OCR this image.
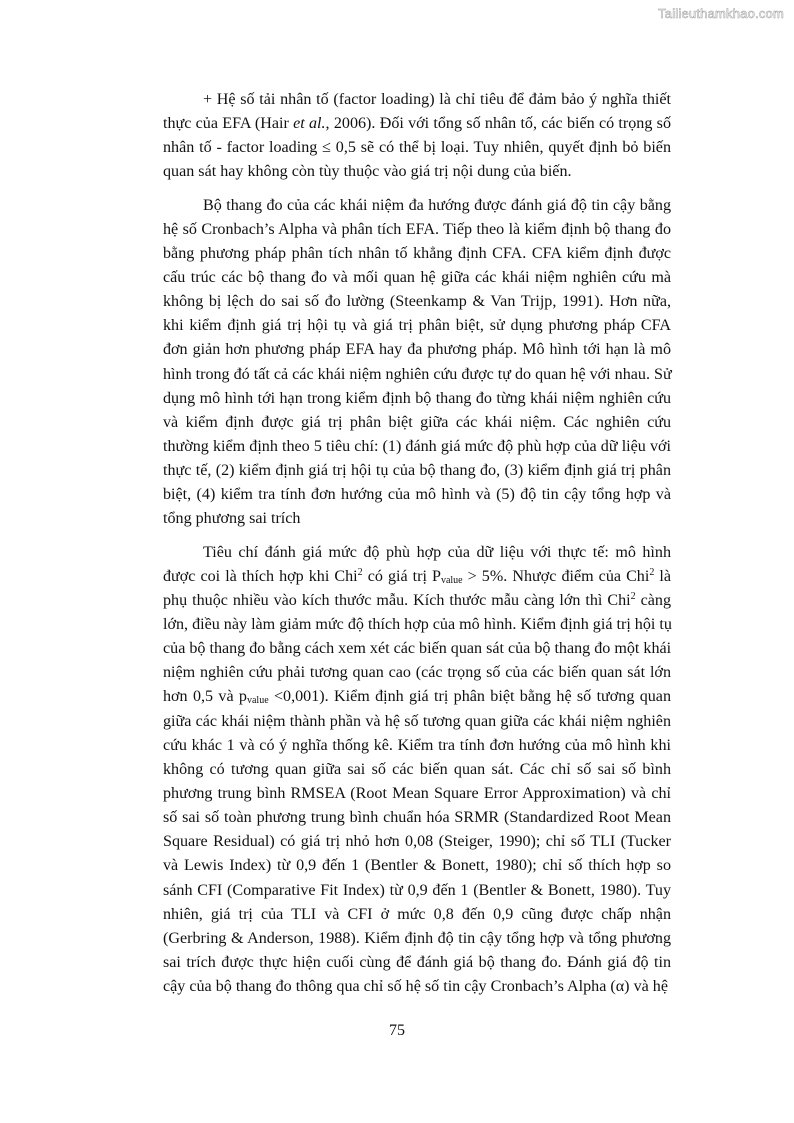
Tailieuthamkhao.com
+ Hệ số tải nhân tố (factor loading) là chỉ tiêu để đảm bảo ý nghĩa thiết
thực của EFA (Hair et al., 2006). Đối với tổng số nhân tố, các biến có trọng số
nhân tố - factor loading ≤ 0,5 sẽ có thể bị loại. Tuy nhiên, quyết định bỏ biến
quan sát hay không còn tùy thuộc vào giá trị nội dung của biến.
Bộ thang đo của các khái niệm đa hướng được đánh giá độ tin cậy bằng
hệ số Cronbach’s Alpha và phân tích EFA. Tiếp theo là kiểm định bộ thang đo
bằng phương pháp phân tích nhân tố khẳng định CFA. CFA kiểm định được
cấu trúc các bộ thang đo và mối quan hệ giữa các khái niệm nghiên cứu mà
không bị lệch do sai số đo lường (Steenkamp & Van Trijp, 1991). Hơn nữa,
khi kiểm định giá trị hội tụ và giá trị phân biệt, sử dụng phương pháp CFA
đơn giản hơn phương pháp EFA hay đa phương pháp. Mô hình tới hạn là mô
hình trong đó tất cả các khái niệm nghiên cứu được tự do quan hệ với nhau. Sử
dụng mô hình tới hạn trong kiểm định bộ thang đo từng khái niệm nghiên cứu
và kiểm định được giá trị phân biệt giữa các khái niệm. Các nghiên cứu
thường kiểm định theo 5 tiêu chí: (1) đánh giá mức độ phù hợp của dữ liệu với
thực tế, (2) kiểm định giá trị hội tụ của bộ thang đo, (3) kiểm định giá trị phân
biệt, (4) kiểm tra tính đơn hướng của mô hình và (5) độ tin cậy tổng hợp và
tổng phương sai trích
Tiêu chí đánh giá mức độ phù hợp của dữ liệu với thực tế: mô hình
được coi là thích hợp khi Chi$^2$ có giá trị $P_{value} > 5\%$. Nhược điểm của Chi$^2$ là
phụ thuộc nhiều vào kích thước mẫu. Kích thước mẫu càng lớn thì Chi$^2$ càng
lớn, điều này làm giảm mức độ thích hợp của mô hình. Kiểm định giá trị hội tụ
của bộ thang đo bằng cách xem xét các biến quan sát của bộ thang đo một khái
niệm nghiên cứu phải tương quan cao (các trọng số của các biến quan sát lớn
hơn 0,5 và $p_{value} <0,001$). Kiểm định giá trị phân biệt bằng hệ số tương quan
giữa các khái niệm thành phần và hệ số tương quan giữa các khái niệm nghiên
cứu khác 1 và có ý nghĩa thống kê. Kiểm tra tính đơn hướng của mô hình khi
không có tương quan giữa sai số các biến quan sát. Các chỉ số sai số bình
phương trung bình RMSEA (Root Mean Square Error Approximation) và chỉ
số sai số toàn phương trung bình chuẩn hóa SRMR (Standardized Root Mean
Square Residual) có giá trị nhỏ hơn 0,08 (Steiger, 1990); chỉ số TLI (Tucker
và Lewis Index) từ 0,9 đến 1 (Bentler & Bonett, 1980); chỉ số thích hợp so
sánh CFI (Comparative Fit Index) từ 0,9 đến 1 (Bentler & Bonett, 1980). Tuy
nhiên, giá trị của TLI và CFI ở mức 0,8 đến 0,9 cũng được chấp nhận
(Gerbring & Anderson, 1988). Kiểm định độ tin cậy tổng hợp và tổng phương
sai trích được thực hiện cuối cùng để đánh giá bộ thang đo. Đánh giá độ tin
cậy của bộ thang đo thông qua chỉ số hệ số tin cậy Cronbach’s Alpha (α) và hệ
75
